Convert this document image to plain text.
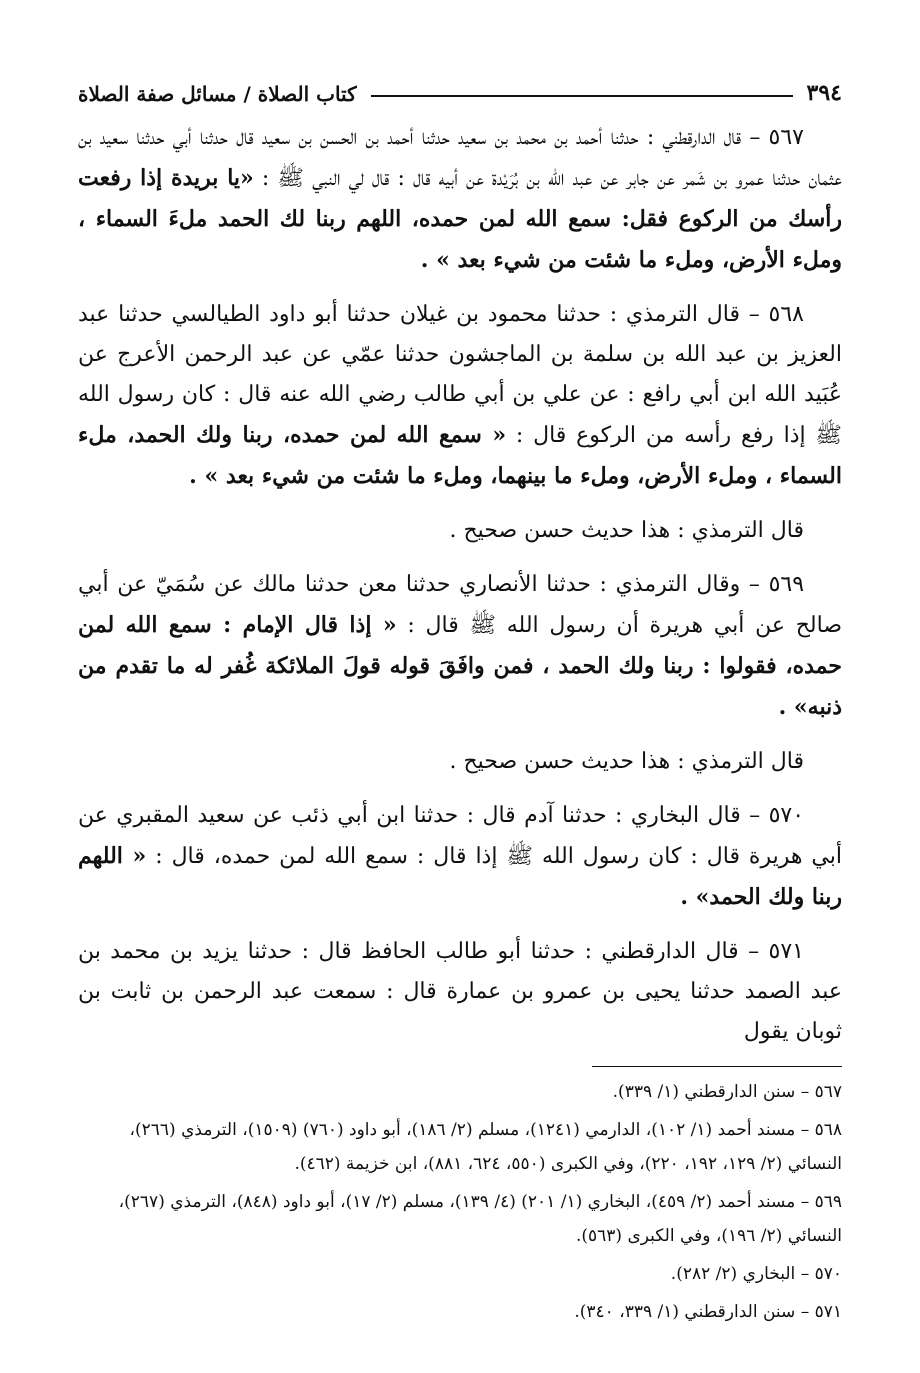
٣٩٤
كتاب الصلاة / مسائل صفة الصلاة

٥٦٧ – قال الدارقطني : حدثنا أحمد بن محمد بن سعيد حدثنا أحمد بن الحسن بن سعيد قال حدثنا أبي حدثنا سعيد بن عثمان حدثنا عمرو بن شَمر عن جابر عن عبد الله بن بُرَيْدة عن أبيه قال : قال لي النبي ﷺ : «يا بريدة إذا رفعت رأسك من الركوع فقل: سمع الله لمن حمده، اللهم ربنا لك الحمد ملءَ السماء ، وملء الأرض، وملء ما شئت من شيء بعد » .

٥٦٨ – قال الترمذي : حدثنا محمود بن غيلان حدثنا أبو داود الطيالسي حدثنا عبد العزيز بن عبد الله بن سلمة بن الماجشون حدثنا عمّي عن عبد الرحمن الأعرج عن عُبَيد الله ابن أبي رافع : عن علي بن أبي طالب رضي الله عنه قال : كان رسول الله ﷺ إذا رفع رأسه من الركوع قال : « سمع الله لمن حمده، ربنا ولك الحمد، ملء السماء ، وملء الأرض، وملء ما بينهما، وملء ما شئت من شيء بعد » .

قال الترمذي : هذا حديث حسن صحيح .

٥٦٩ – وقال الترمذي : حدثنا الأنصاري حدثنا معن حدثنا مالك عن سُمَيّ عن أبي صالح عن أبي هريرة أن رسول الله ﷺ قال : « إذا قال الإمام : سمع الله لمن حمده، فقولوا : ربنا ولك الحمد ، فمن وافَقَ قوله قولَ الملائكة غُفر له ما تقدم من ذنبه» .

قال الترمذي : هذا حديث حسن صحيح .

٥٧٠ – قال البخاري : حدثنا آدم قال : حدثنا ابن أبي ذئب عن سعيد المقبري عن أبي هريرة قال : كان رسول الله ﷺ إذا قال : سمع الله لمن حمده، قال : « اللهم ربنا ولك الحمد» .

٥٧١ – قال الدارقطني : حدثنا أبو طالب الحافظ قال : حدثنا يزيد بن محمد بن عبد الصمد حدثنا يحيى بن عمرو بن عمارة قال : سمعت عبد الرحمن بن ثابت بن ثوبان يقول

٥٦٧ – سنن الدارقطني (١/ ٣٣٩).

٥٦٨ – مسند أحمد (١/ ١٠٢)، الدارمي (١٢٤١)، مسلم (٢/ ١٨٦)، أبو داود (٧٦٠) (١٥٠٩)، الترمذي (٢٦٦)، النسائي (٢/ ١٢٩، ١٩٢، ٢٢٠)، وفي الكبرى (٥٥٠، ٦٢٤، ٨٨١)، ابن خزيمة (٤٦٢).

٥٦٩ – مسند أحمد (٢/ ٤٥٩)، البخاري (١/ ٢٠١) (٤/ ١٣٩)، مسلم (٢/ ١٧)، أبو داود (٨٤٨)، الترمذي (٢٦٧)، النسائي (٢/ ١٩٦)، وفي الكبرى (٥٦٣).

٥٧٠ – البخاري (٢/ ٢٨٢).

٥٧١ – سنن الدارقطني (١/ ٣٣٩، ٣٤٠).
